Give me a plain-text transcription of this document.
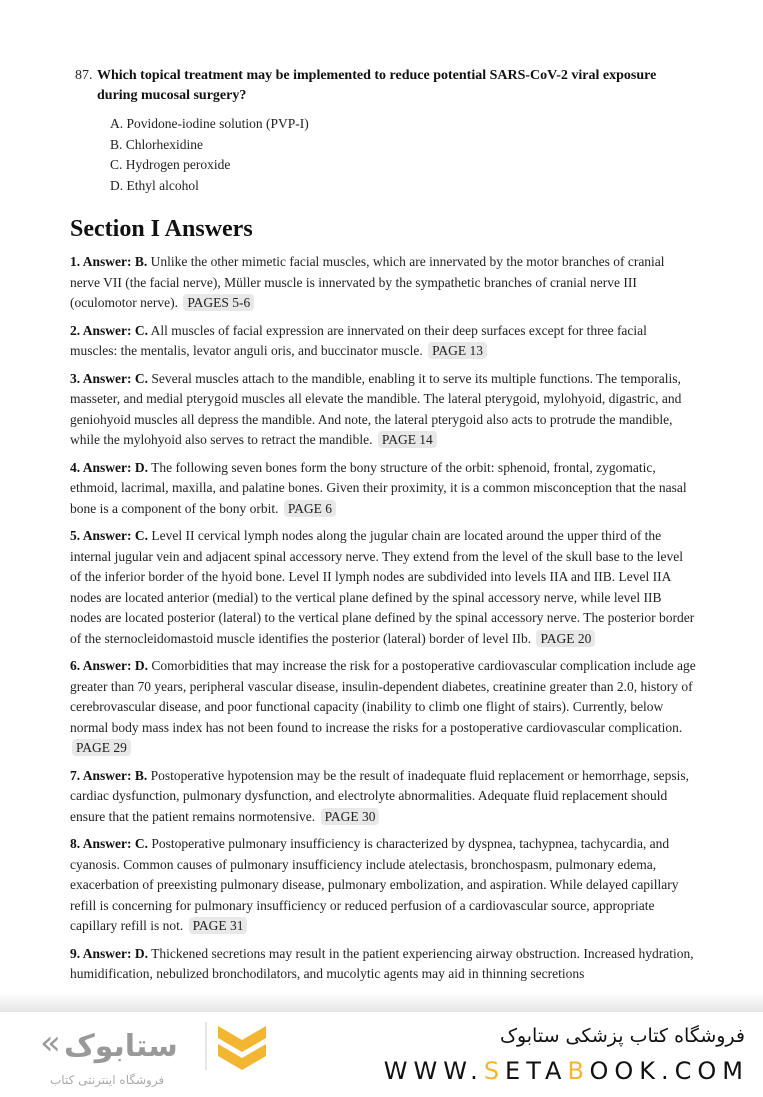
87. Which topical treatment may be implemented to reduce potential SARS-CoV-2 viral exposure during mucosal surgery?
A. Povidone-iodine solution (PVP-I)
B. Chlorhexidine
C. Hydrogen peroxide
D. Ethyl alcohol
Section I Answers

1. Answer: B. Unlike the other mimetic facial muscles, which are innervated by the motor branches of cranial nerve VII (the facial nerve), Müller muscle is innervated by the sympathetic branches of cranial nerve III (oculomotor nerve). PAGES 5-6

2. Answer: C. All muscles of facial expression are innervated on their deep surfaces except for three facial muscles: the mentalis, levator anguli oris, and buccinator muscle. PAGE 13

3. Answer: C. Several muscles attach to the mandible, enabling it to serve its multiple functions. The temporalis, masseter, and medial pterygoid muscles all elevate the mandible. The lateral pterygoid, mylohyoid, digastric, and geniohyoid muscles all depress the mandible. And note, the lateral pterygoid also acts to protrude the mandible, while the mylohyoid also serves to retract the mandible. PAGE 14

4. Answer: D. The following seven bones form the bony structure of the orbit: sphenoid, frontal, zygomatic, ethmoid, lacrimal, maxilla, and palatine bones. Given their proximity, it is a common misconception that the nasal bone is a component of the bony orbit. PAGE 6

5. Answer: C. Level II cervical lymph nodes along the jugular chain are located around the upper third of the internal jugular vein and adjacent spinal accessory nerve. They extend from the level of the skull base to the level of the inferior border of the hyoid bone. Level II lymph nodes are subdivided into levels IIA and IIB. Level IIA nodes are located anterior (medial) to the vertical plane defined by the spinal accessory nerve, while level IIB nodes are located posterior (lateral) to the vertical plane defined by the spinal accessory nerve. The posterior border of the sternocleidomastoid muscle identifies the posterior (lateral) border of level IIb. PAGE 20

6. Answer: D. Comorbidities that may increase the risk for a postoperative cardiovascular complication include age greater than 70 years, peripheral vascular disease, insulin-dependent diabetes, creatinine greater than 2.0, history of cerebrovascular disease, and poor functional capacity (inability to climb one flight of stairs). Currently, below normal body mass index has not been found to increase the risks for a postoperative cardiovascular complication. PAGE 29

7. Answer: B. Postoperative hypotension may be the result of inadequate fluid replacement or hemorrhage, sepsis, cardiac dysfunction, pulmonary dysfunction, and electrolyte abnormalities. Adequate fluid replacement should ensure that the patient remains normotensive. PAGE 30

8. Answer: C. Postoperative pulmonary insufficiency is characterized by dyspnea, tachypnea, tachycardia, and cyanosis. Common causes of pulmonary insufficiency include atelectasis, bronchospasm, pulmonary edema, exacerbation of preexisting pulmonary disease, pulmonary embolization, and aspiration. While delayed capillary refill is concerning for pulmonary insufficiency or reduced perfusion of a cardiovascular source, appropriate capillary refill is not. PAGE 31

9. Answer: D. Thickened secretions may result in the patient experiencing airway obstruction. Increased hydration, humidification, nebulized bronchodilators, and mucolytic agents may aid in thinning secretions

« ستابوک
فروشگاه اینترنتی کتاب
فروشگاه کتاب پزشکی ستابوک
WWW.SETABOOK.COM
